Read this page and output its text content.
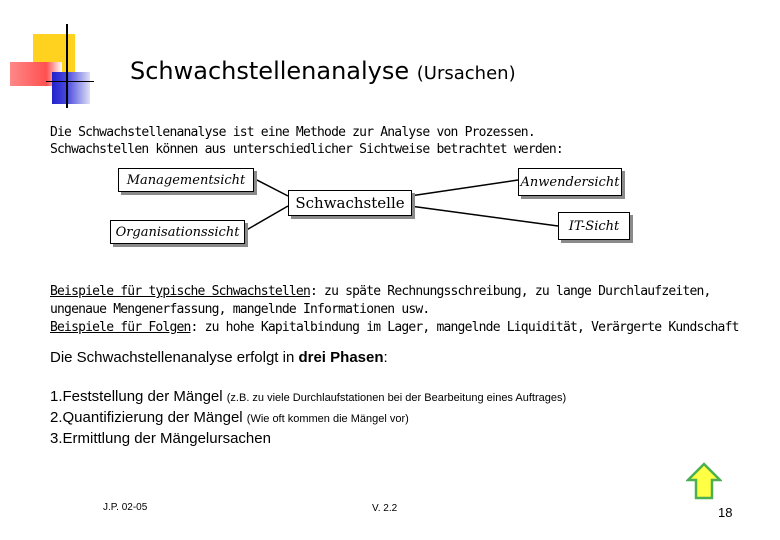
Schwachstellenanalyse (Ursachen)
Die Schwachstellenanalyse ist eine Methode zur Analyse von Prozessen.
Schwachstellen können aus unterschiedlicher Sichtweise betrachtet werden:
Managementsicht	Anwendersicht
Schwachstelle
Organisationssicht	IT-Sicht
Beispiele für typische Schwachstellen: zu späte Rechnungsschreibung, zu lange Durchlaufzeiten,
ungenaue Mengenerfassung, mangelnde Informationen usw.
Beispiele für Folgen: zu hohe Kapitalbindung im Lager, mangelnde Liquidität, Verärgerte Kundschaft
Die Schwachstellenanalyse erfolgt in drei Phasen:
1.Feststellung der Mängel (z.B. zu viele Durchlaufstationen bei der Bearbeitung eines Auftrages)
2.Quantifizierung der Mängel (Wie oft kommen die Mängel vor)
3.Ermittlung der Mängelursachen
J.P. 02-05	V. 2.2	18
